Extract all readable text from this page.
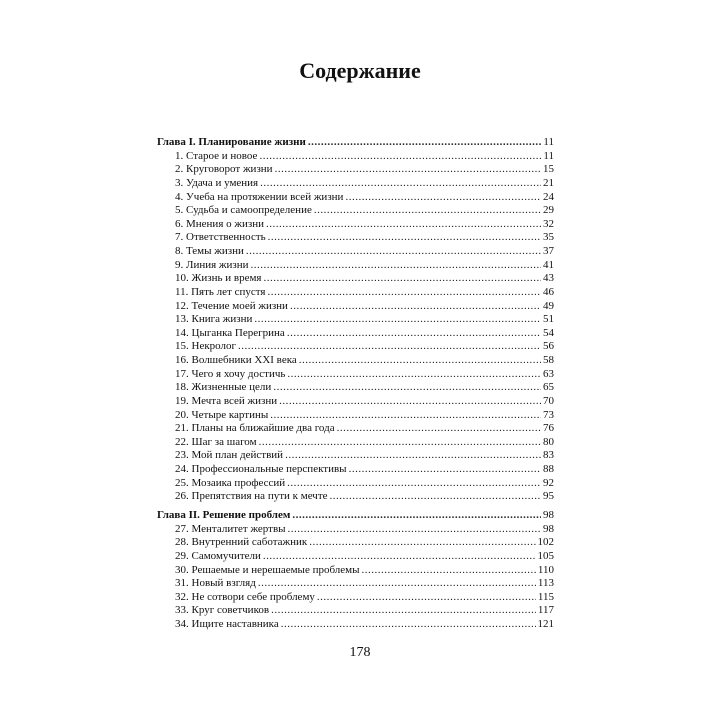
Содержание
Глава I. Планирование жизни .....	11
1. Старое и новое .....	11
2. Круговорот жизни .....	15
3. Удача и умения .....	21
4. Учеба на протяжении всей жизни .....	24
5. Судьба и самоопределение .....	29
6. Мнения о жизни .....	32
7. Ответственность .....	35
8. Темы жизни .....	37
9. Линия жизни .....	41
10. Жизнь и время .....	43
11. Пять лет спустя .....	46
12. Течение моей жизни .....	49
13. Книга жизни .....	51
14. Цыганка Перегрина .....	54
15. Некролог .....	56
16. Волшебники XXI века .....	58
17. Чего я хочу достичь .....	63
18. Жизненные цели .....	65
19. Мечта всей жизни .....	70
20. Четыре картины .....	73
21. Планы на ближайшие два года .....	76
22. Шаг за шагом .....	80
23. Мой план действий .....	83
24. Профессиональные перспективы .....	88
25. Мозаика профессий .....	92
26. Препятствия на пути к мечте .....	95
Глава II. Решение проблем .....	98
27. Менталитет жертвы .....	98
28. Внутренний саботажник .....	102
29. Самомучители .....	105
30. Решаемые и нерешаемые проблемы .....	110
31. Новый взгляд .....	113
32. Не сотвори себе проблему .....	115
33. Круг советчиков .....	117
34. Ищите наставника .....	121
178
